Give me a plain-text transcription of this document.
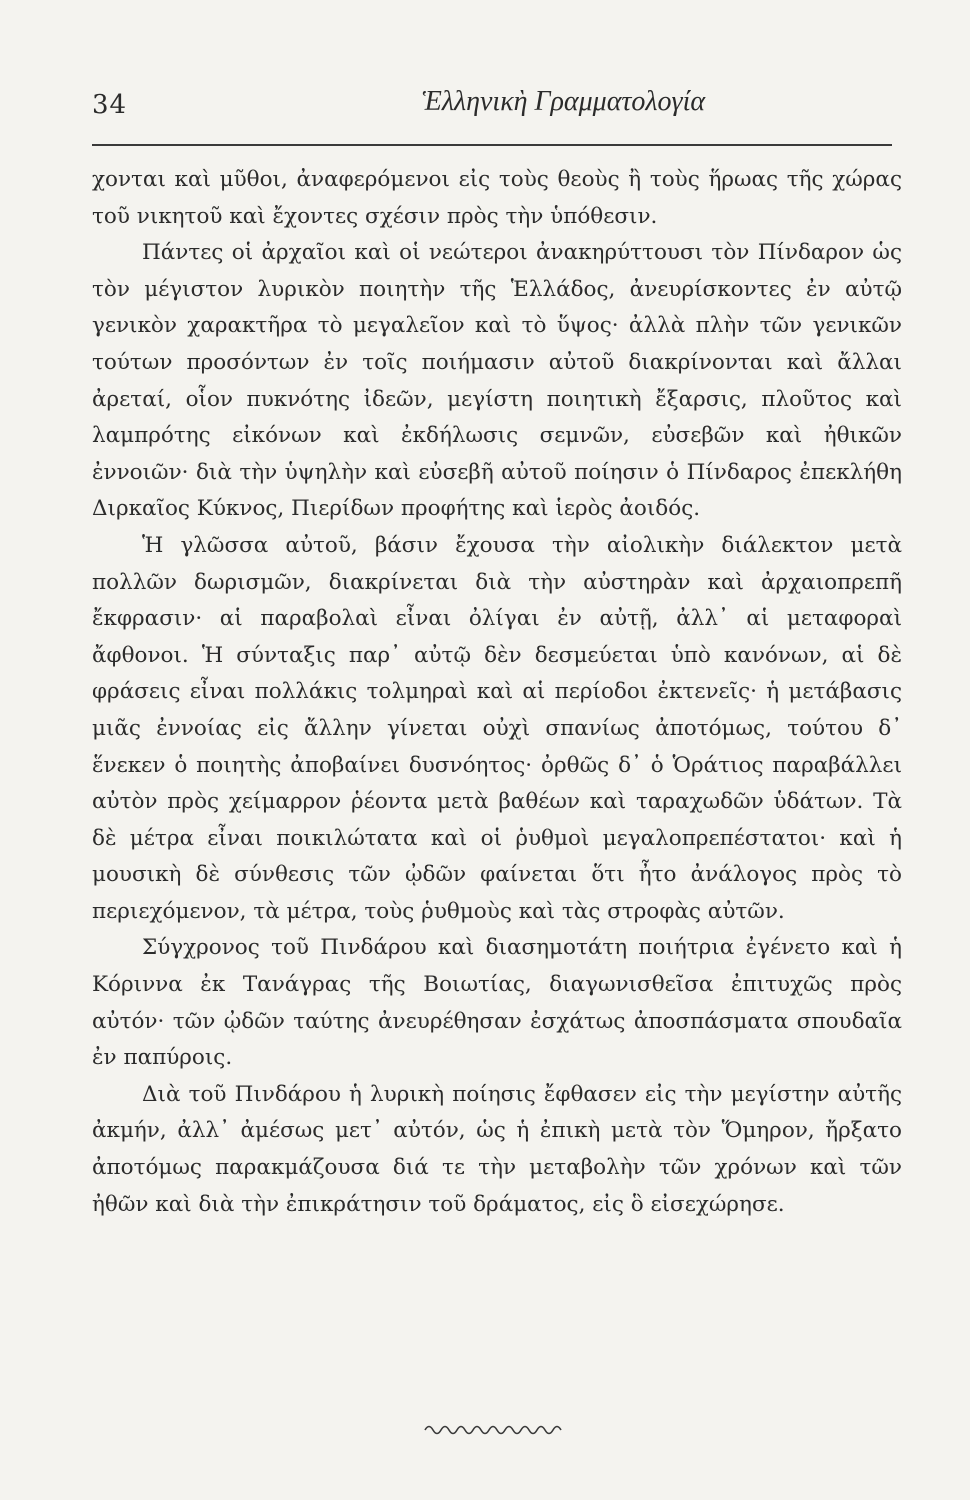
34	Ἑλληνικὴ Γραμματολογία

χονται καὶ μῦθοι, ἀναφερόμενοι εἰς τοὺς θεοὺς ἢ τοὺς ἥρωας τῆς χώρας τοῦ νικητοῦ καὶ ἔχοντες σχέσιν πρὸς τὴν ὑπόθεσιν.

Πάντες οἱ ἀρχαῖοι καὶ οἱ νεώτεροι ἀνακηρύττουσι τὸν Πίνδαρον ὡς τὸν μέγιστον λυρικὸν ποιητὴν τῆς Ἑλλάδος, ἀνευρίσκοντες ἐν αὐτῷ γενικὸν χαρακτῆρα τὸ μεγαλεῖον καὶ τὸ ὕψος· ἀλλὰ πλὴν τῶν γενικῶν τούτων προσόντων ἐν τοῖς ποιήμασιν αὐτοῦ διακρίνονται καὶ ἄλλαι ἀρεταί, οἷον πυκνότης ἰδεῶν, μεγίστη ποιητικὴ ἔξαρσις, πλοῦτος καὶ λαμπρότης εἰκόνων καὶ ἐκδήλωσις σεμνῶν, εὐσεβῶν καὶ ἠθικῶν ἐννοιῶν· διὰ τὴν ὑψηλὴν καὶ εὐσεβῆ αὐτοῦ ποίησιν ὁ Πίνδαρος ἐπεκλήθη Διρκαῖος Κύκνος, Πιερίδων προφήτης καὶ ἱερὸς ἀοιδός.

Ἡ γλῶσσα αὐτοῦ, βάσιν ἔχουσα τὴν αἰολικὴν διάλεκτον μετὰ πολλῶν δωρισμῶν, διακρίνεται διὰ τὴν αὐστηρὰν καὶ ἀρχαιοπρεπῆ ἔκφρασιν· αἱ παραβολαὶ εἶναι ὀλίγαι ἐν αὐτῇ, ἀλλ᾿ αἱ μεταφοραὶ ἄφθονοι. Ἡ σύνταξις παρ᾿ αὐτῷ δὲν δεσμεύεται ὑπὸ κανόνων, αἱ δὲ φράσεις εἶναι πολλάκις τολμηραὶ καὶ αἱ περίοδοι ἐκτενεῖς· ἡ μετάβασις μιᾶς ἐννοίας εἰς ἄλλην γίνεται οὐχὶ σπανίως ἀποτόμως, τούτου δ᾿ ἕνεκεν ὁ ποιητὴς ἀποβαίνει δυσνόητος· ὀρθῶς δ᾿ ὁ Ὁράτιος παραβάλλει αὐτὸν πρὸς χείμαρρον ῥέοντα μετὰ βαθέων καὶ ταραχωδῶν ὑδάτων. Τὰ δὲ μέτρα εἶναι ποικιλώτατα καὶ οἱ ῥυθμοὶ μεγαλοπρεπέστατοι· καὶ ἡ μουσικὴ δὲ σύνθεσις τῶν ᾠδῶν φαίνεται ὅτι ἦτο ἀνάλογος πρὸς τὸ περιεχόμενον, τὰ μέτρα, τοὺς ῥυθμοὺς καὶ τὰς στροφὰς αὐτῶν.

Σύγχρονος τοῦ Πινδάρου καὶ διασημοτάτη ποιήτρια ἐγένετο καὶ ἡ Κόριννα ἐκ Τανάγρας τῆς Βοιωτίας, διαγωνισθεῖσα ἐπιτυχῶς πρὸς αὐτόν· τῶν ᾠδῶν ταύτης ἀνευρέθησαν ἐσχάτως ἀποσπάσματα σπουδαῖα ἐν παπύροις.

Διὰ τοῦ Πινδάρου ἡ λυρικὴ ποίησις ἔφθασεν εἰς τὴν μεγίστην αὐτῆς ἀκμήν, ἀλλ᾿ ἀμέσως μετ᾿ αὐτόν, ὡς ἡ ἐπικὴ μετὰ τὸν Ὅμηρον, ἤρξατο ἀποτόμως παρακμάζουσα διά τε τὴν μεταβολὴν τῶν χρόνων καὶ τῶν ἠθῶν καὶ διὰ τὴν ἐπικράτησιν τοῦ δράματος, εἰς ὃ εἰσεχώρησε.
